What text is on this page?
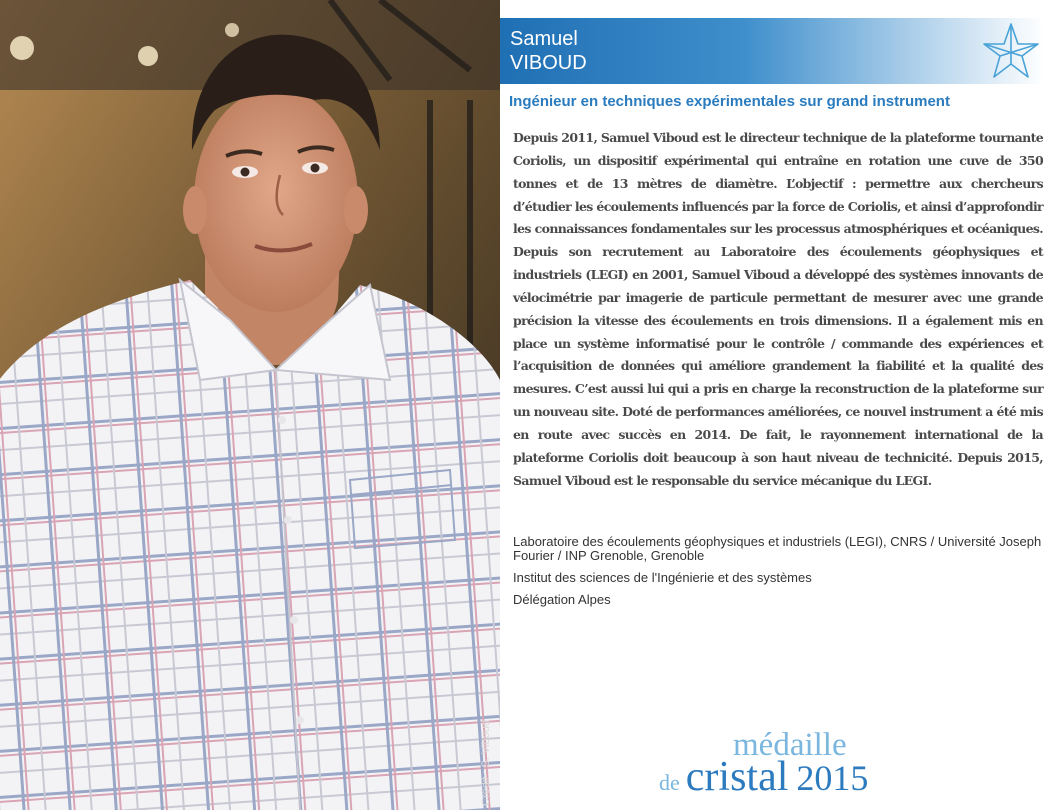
Crédit : S. Viboud
Samuel
VIBOUD
Ingénieur en techniques expérimentales sur grand instrument

Depuis 2011, Samuel Viboud est le directeur technique de la plateforme tournante Coriolis, un dispositif expérimental qui entraîne en rotation une cuve de 350 tonnes et de 13 mètres de diamètre. L’objectif : permettre aux chercheurs d’étudier les écoulements influencés par la force de Coriolis, et ainsi d’approfondir les connaissances fondamentales sur les processus atmosphériques et océaniques. Depuis son recrutement au Laboratoire des écoulements géophysiques et industriels (LEGI) en 2001, Samuel Viboud a développé des systèmes innovants de vélocimétrie par imagerie de particule permettant de mesurer avec une grande précision la vitesse des écoulements en trois dimensions. Il a également mis en place un système informatisé pour le contrôle / commande des expériences et l’acquisition de données qui améliore grandement la fiabilité et la qualité des mesures. C’est aussi lui qui a pris en charge la reconstruction de la plateforme sur un nouveau site. Doté de performances améliorées, ce nouvel instrument a été mis en route avec succès en 2014. De fait, le rayonnement international de la plateforme Coriolis doit beaucoup à son haut niveau de technicité. Depuis 2015, Samuel Viboud est le responsable du service mécanique du LEGI.

Laboratoire des écoulements géophysiques et industriels (LEGI), CNRS / Université Joseph Fourier / INP Grenoble, Grenoble
Institut des sciences de l'Ingénierie et des systèmes
Délégation Alpes
médaille
de cristal 2015
